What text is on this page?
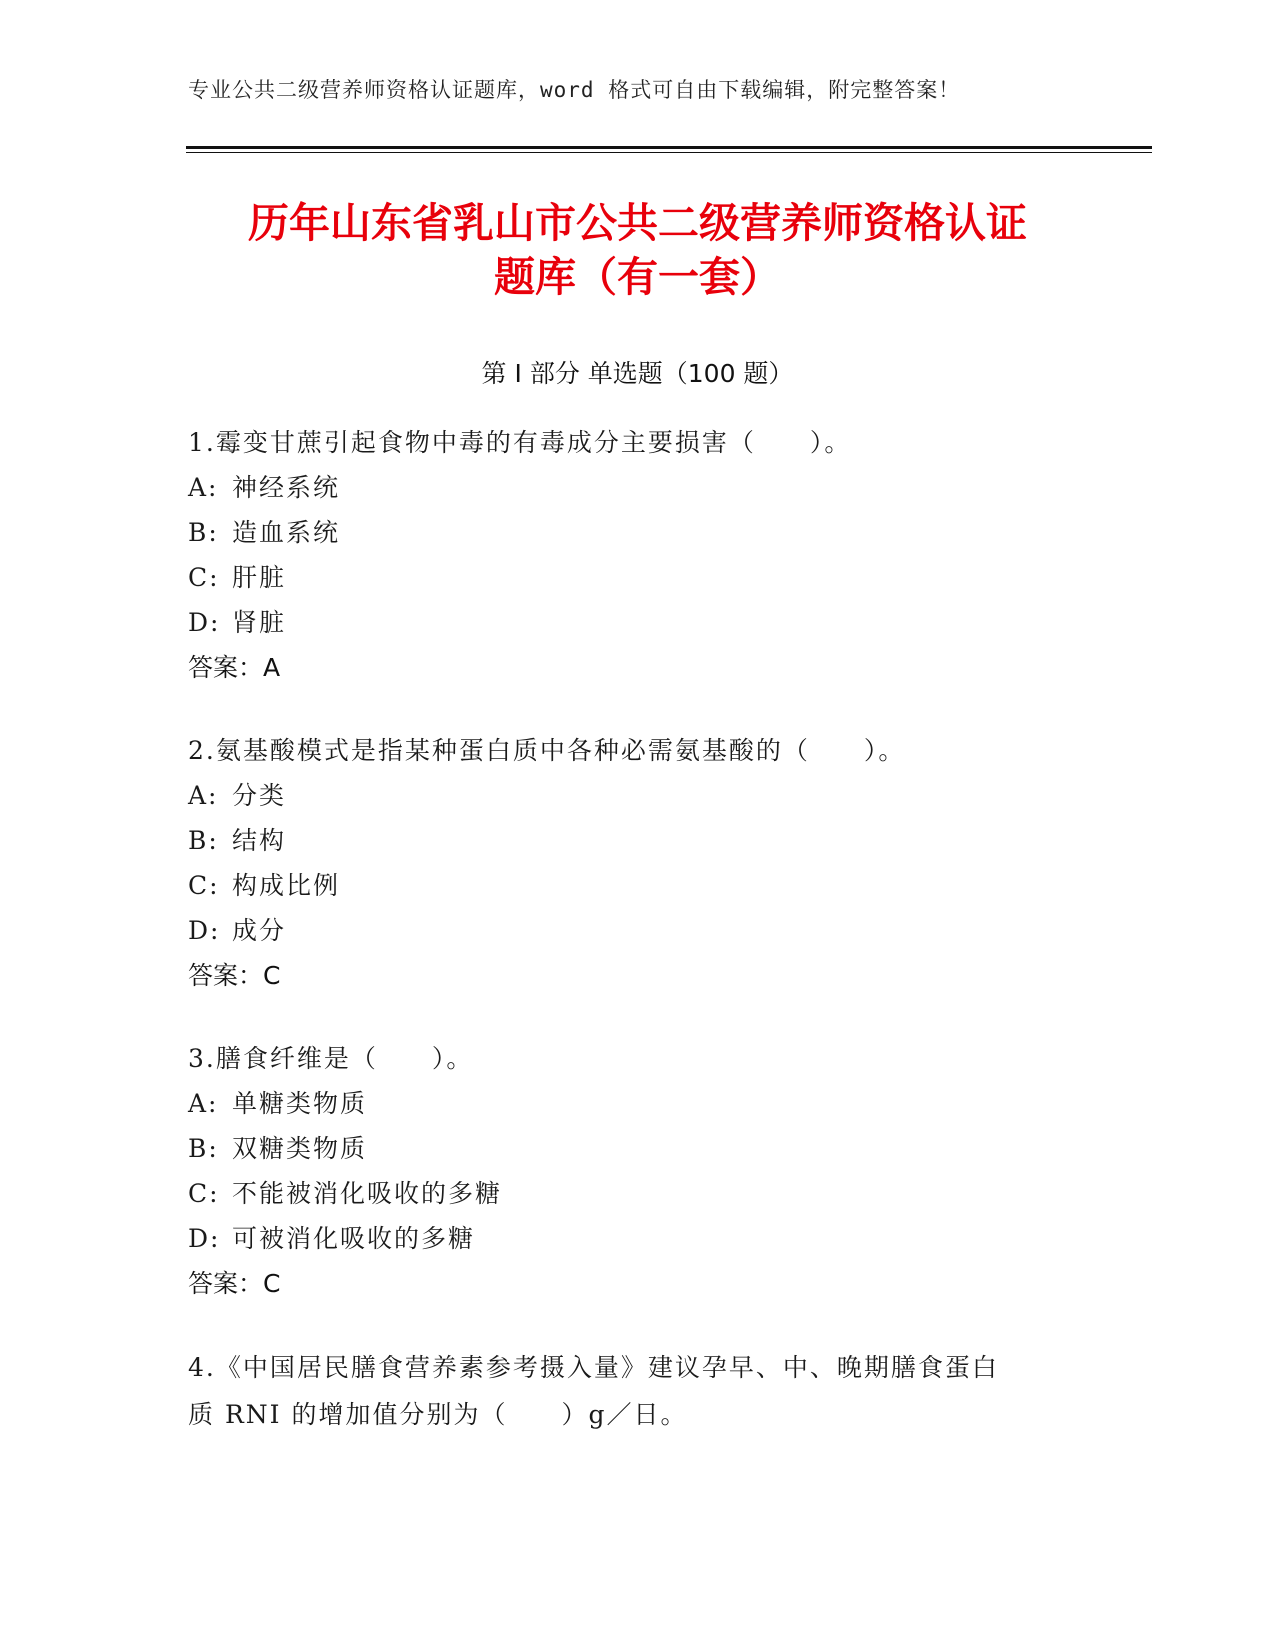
专业公共二级营养师资格认证题库，word 格式可自由下载编辑，附完整答案！
历年山东省乳山市公共二级营养师资格认证
题库（有一套）
第 I 部分 单选题（100 题）
1.霉变甘蔗引起食物中毒的有毒成分主要损害（　　）。
A: 神经系统
B: 造血系统
C: 肝脏
D: 肾脏
答案：A
2.氨基酸模式是指某种蛋白质中各种必需氨基酸的（　　）。
A: 分类
B: 结构
C: 构成比例
D: 成分
答案：C
3.膳食纤维是（　　）。
A: 单糖类物质
B: 双糖类物质
C: 不能被消化吸收的多糖
D: 可被消化吸收的多糖
答案：C
4.《中国居民膳食营养素参考摄入量》建议孕早、中、晚期膳食蛋白
质 RNI 的增加值分别为（　　）g／日。
